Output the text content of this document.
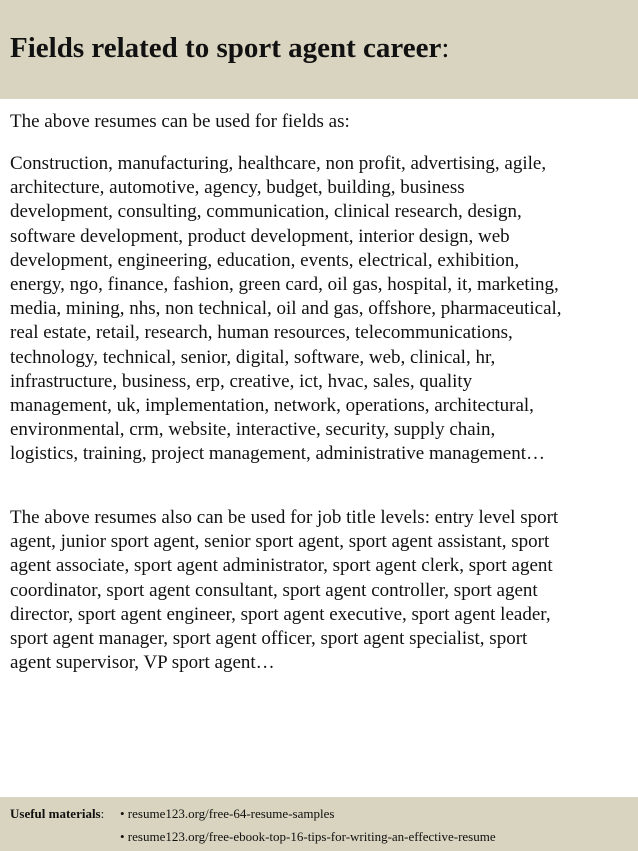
Fields related to sport agent career:

The above resumes can be used for fields as:

Construction, manufacturing, healthcare, non profit, advertising, agile,
architecture, automotive, agency, budget, building, business
development, consulting, communication, clinical research, design,
software development, product development, interior design, web
development, engineering, education, events, electrical, exhibition,
energy, ngo, finance, fashion, green card, oil gas, hospital, it, marketing,
media, mining, nhs, non technical, oil and gas, offshore, pharmaceutical,
real estate, retail, research, human resources, telecommunications,
technology, technical, senior, digital, software, web, clinical, hr,
infrastructure, business, erp, creative, ict, hvac, sales, quality
management, uk, implementation, network, operations, architectural,
environmental, crm, website, interactive, security, supply chain,
logistics, training, project management, administrative management…

The above resumes also can be used for job title levels: entry level sport
agent, junior sport agent, senior sport agent, sport agent assistant, sport
agent associate, sport agent administrator, sport agent clerk, sport agent
coordinator, sport agent consultant, sport agent controller, sport agent
director, sport agent engineer, sport agent executive, sport agent leader,
sport agent manager, sport agent officer, sport agent specialist, sport
agent supervisor, VP sport agent…

Useful materials: • resume123.org/free-64-resume-samples
• resume123.org/free-ebook-top-16-tips-for-writing-an-effective-resume
